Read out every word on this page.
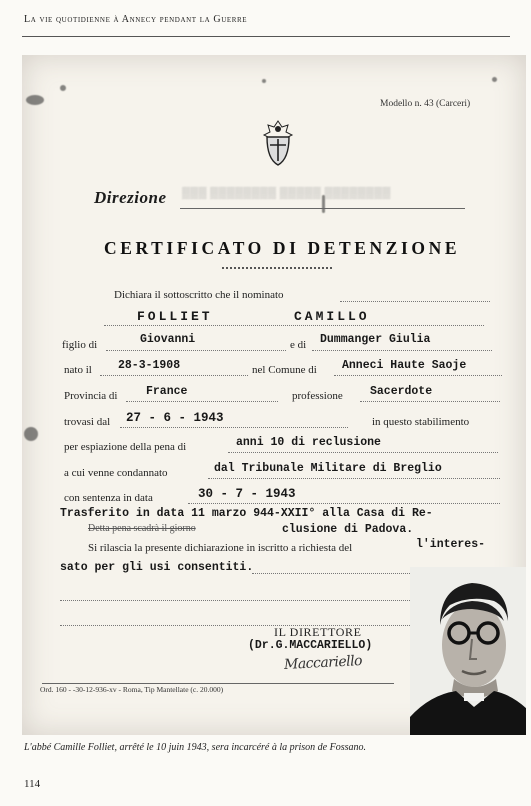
La vie quotidienne à Annecy pendant la Guerre
Modello n. 43 (Carceri)
Direzione ▒▒▒ ▒▒▒▒▒▒▒▒ ▒▒▒▒▒ ▒▒▒▒▒▒▒▒
CERTIFICATO DI DETENZIONE
Dichiara il sottoscritto che il nominato
FOLLIET	CAMILLO
figlio di	Giovanni	e di Dummanger Giulia
nato il 28-3-1908	nel Comune di Anneci Haute Saoje
Provincia di France	professione Sacerdote
trovasi dal 27 - 6 - 1943	in questo stabilimento
per espiazione della pena di	anni 10 di reclusione
a cui venne condannato	dal Tribunale Militare di Breglio
con sentenza in data	30 - 7 - 1943
Trasferito in data 11 marzo 944-XXII° alla Casa di Re-
Detta pena scadrà il giorno	clusione di Padova.
Si rilascia la presente dichiarazione in iscritto a richiesta del	l'interes-
sato per gli usi consentiti.
IL DIRETTORE
(Dr.G.MACCARIELLO)
Maccariello
Ord. 160 - -30-12-936-xv - Roma, Tip Mantellate (c. 20.000)
L'abbé Camille Folliet, arrêté le 10 juin 1943, sera incarcéré à la prison de Fossano.
114
